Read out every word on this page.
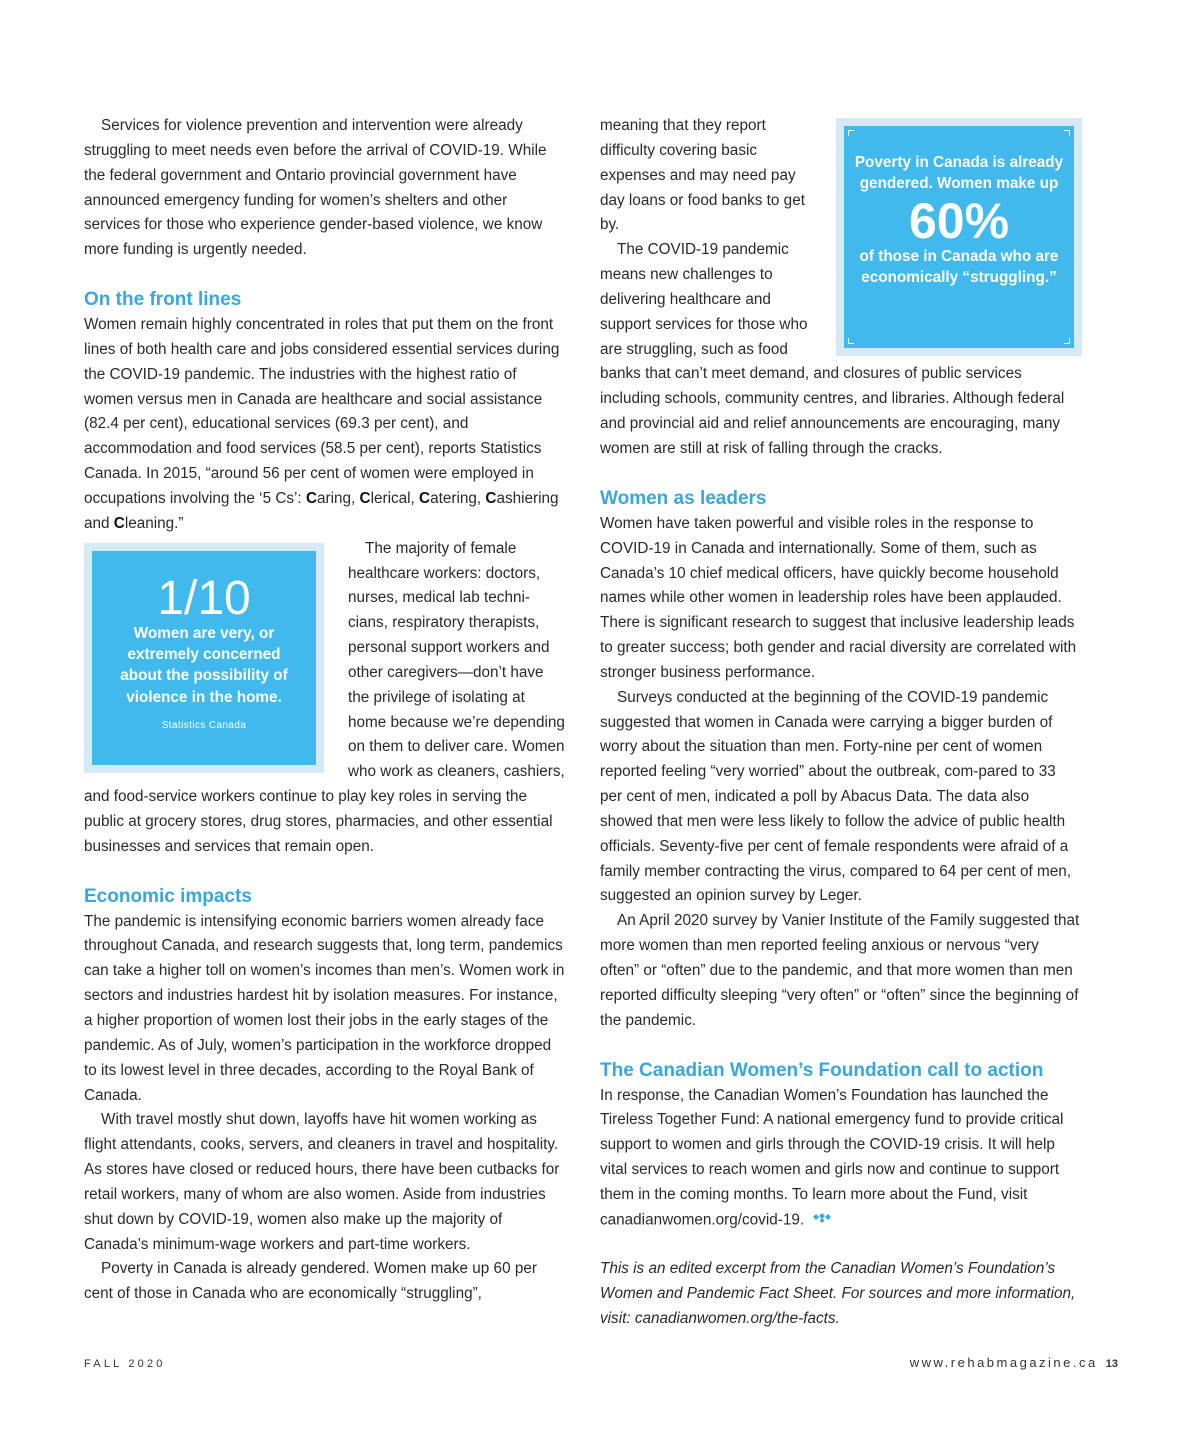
Services for violence prevention and intervention were already struggling to meet needs even before the arrival of COVID-19. While the federal government and Ontario provincial government have announced emergency funding for women’s shelters and other services for those who experience gender-based violence, we know more funding is urgently needed.

On the front lines

Women remain highly concentrated in roles that put them on the front lines of both health care and jobs considered essential services during the COVID-19 pandemic. The industries with the highest ratio of women versus men in Canada are healthcare and social assistance (82.4 per cent), educational services (69.3 per cent), and accommodation and food services (58.5 per cent), reports Statistics Canada. In 2015, “around 56 per cent of women were employed in occupations involving the ‘5 Cs’: Caring, Clerical, Catering, Cashiering and Cleaning.”

1/10
Women are very, or extremely concerned about the possibility of violence in the home.
Statistics Canada

The majority of female healthcare workers: doctors, nurses, medical lab techni-cians, respiratory therapists, personal support workers and other caregivers—don’t have the privilege of isolating at home because we’re depending on them to deliver care. Women who work as cleaners, cashiers, and food-service workers continue to play key roles in serving the public at grocery stores, drug stores, pharmacies, and other essential businesses and services that remain open.

Economic impacts

The pandemic is intensifying economic barriers women already face throughout Canada, and research suggests that, long term, pandemics can take a higher toll on women’s incomes than men’s. Women work in sectors and industries hardest hit by isolation measures. For instance, a higher proportion of women lost their jobs in the early stages of the pandemic. As of July, women’s participation in the workforce dropped to its lowest level in three decades, according to the Royal Bank of Canada.

With travel mostly shut down, layoffs have hit women working as flight attendants, cooks, servers, and cleaners in travel and hospitality. As stores have closed or reduced hours, there have been cutbacks for retail workers, many of whom are also women. Aside from industries shut down by COVID-19, women also make up the majority of Canada’s minimum-wage workers and part-time workers.

Poverty in Canada is already gendered. Women make up 60 per cent of those in Canada who are economically “struggling”,

Poverty in Canada is already gendered. Women make up
60%
of those in Canada who are economically “struggling.”

meaning that they report difficulty covering basic expenses and may need pay day loans or food banks to get by.

The COVID-19 pandemic means new challenges to delivering healthcare and support services for those who are struggling, such as food banks that can’t meet demand, and closures of public services including schools, community centres, and libraries. Although federal and provincial aid and relief announcements are encouraging, many women are still at risk of falling through the cracks.

Women as leaders

Women have taken powerful and visible roles in the response to COVID-19 in Canada and internationally. Some of them, such as Canada’s 10 chief medical officers, have quickly become household names while other women in leadership roles have been applauded. There is significant research to suggest that inclusive leadership leads to greater success; both gender and racial diversity are correlated with stronger business performance.

Surveys conducted at the beginning of the COVID-19 pandemic suggested that women in Canada were carrying a bigger burden of worry about the situation than men. Forty-nine per cent of women reported feeling “very worried” about the outbreak, com-pared to 33 per cent of men, indicated a poll by Abacus Data. The data also showed that men were less likely to follow the advice of public health officials. Seventy-five per cent of female respondents were afraid of a family member contracting the virus, compared to 64 per cent of men, suggested an opinion survey by Leger.

An April 2020 survey by Vanier Institute of the Family suggested that more women than men reported feeling anxious or nervous “very often” or “often” due to the pandemic, and that more women than men reported difficulty sleeping “very often” or “often” since the beginning of the pandemic.

The Canadian Women’s Foundation call to action

In response, the Canadian Women’s Foundation has launched the Tireless Together Fund: A national emergency fund to provide critical support to women and girls through the COVID-19 crisis. It will help vital services to reach women and girls now and continue to support them in the coming months. To learn more about the Fund, visit canadianwomen.org/covid-19.

This is an edited excerpt from the Canadian Women’s Foundation’s Women and Pandemic Fact Sheet. For sources and more information, visit: canadianwomen.org/the-facts.

FALL 2020	www.rehabmagazine.ca 13
